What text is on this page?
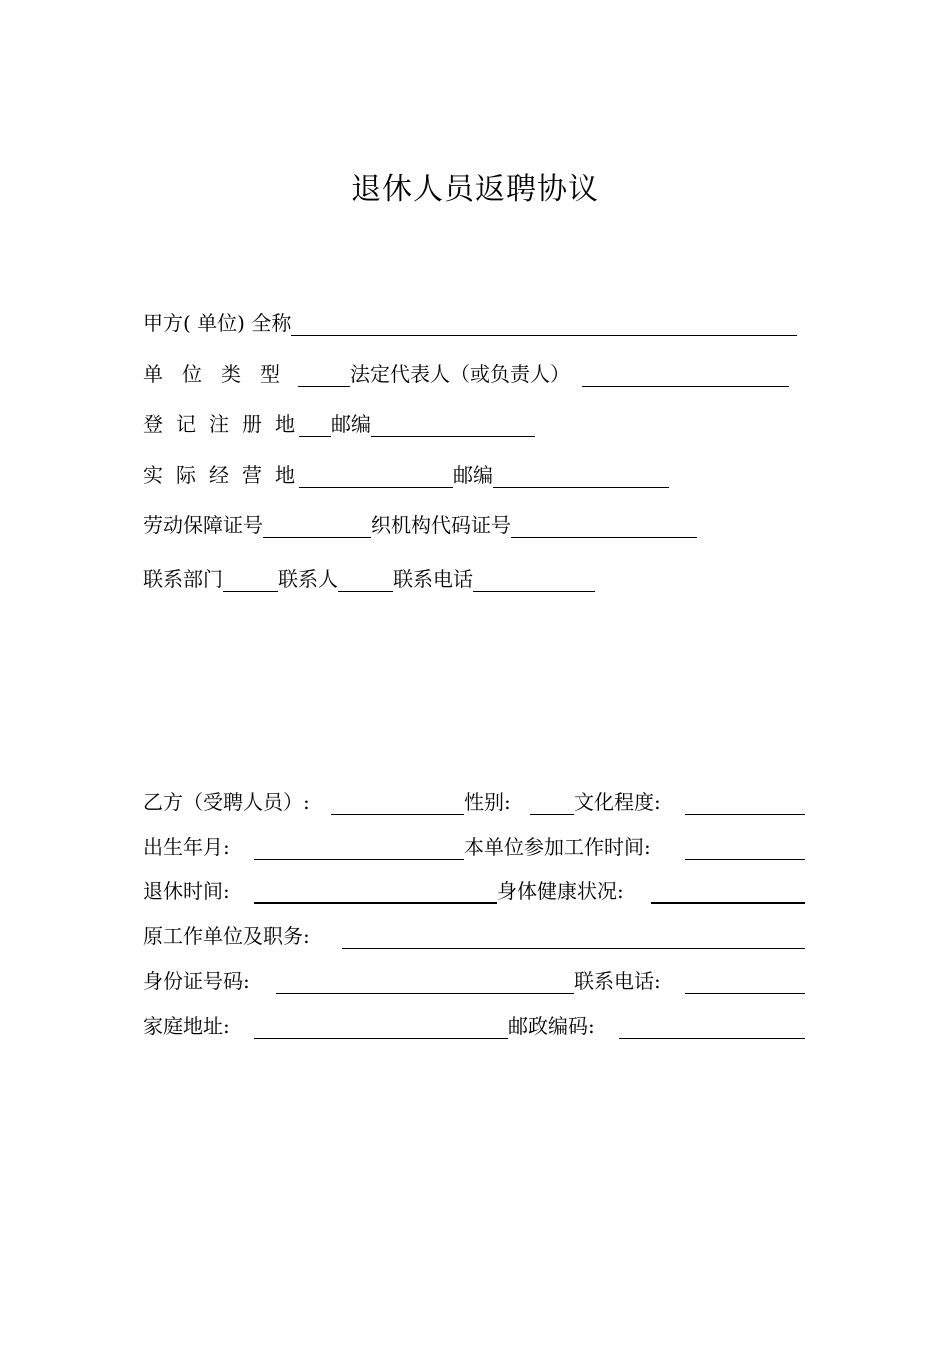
退休人员返聘协议
甲方( 单位) 全称
单 位 类 型	法定代表人（或负责人）
登 记 注 册 地 邮编
实 际 经 营 地	邮编
劳动保障证号	织机构代码证号
联系部门	联系人	联系电话
乙方（受聘人员）:	性别:	文化程度:
出生年月:	本单位参加工作时间:
退休时间:	身体健康状况:
原工作单位及职务:
身份证号码:	联系电话:
家庭地址:	邮政编码:
